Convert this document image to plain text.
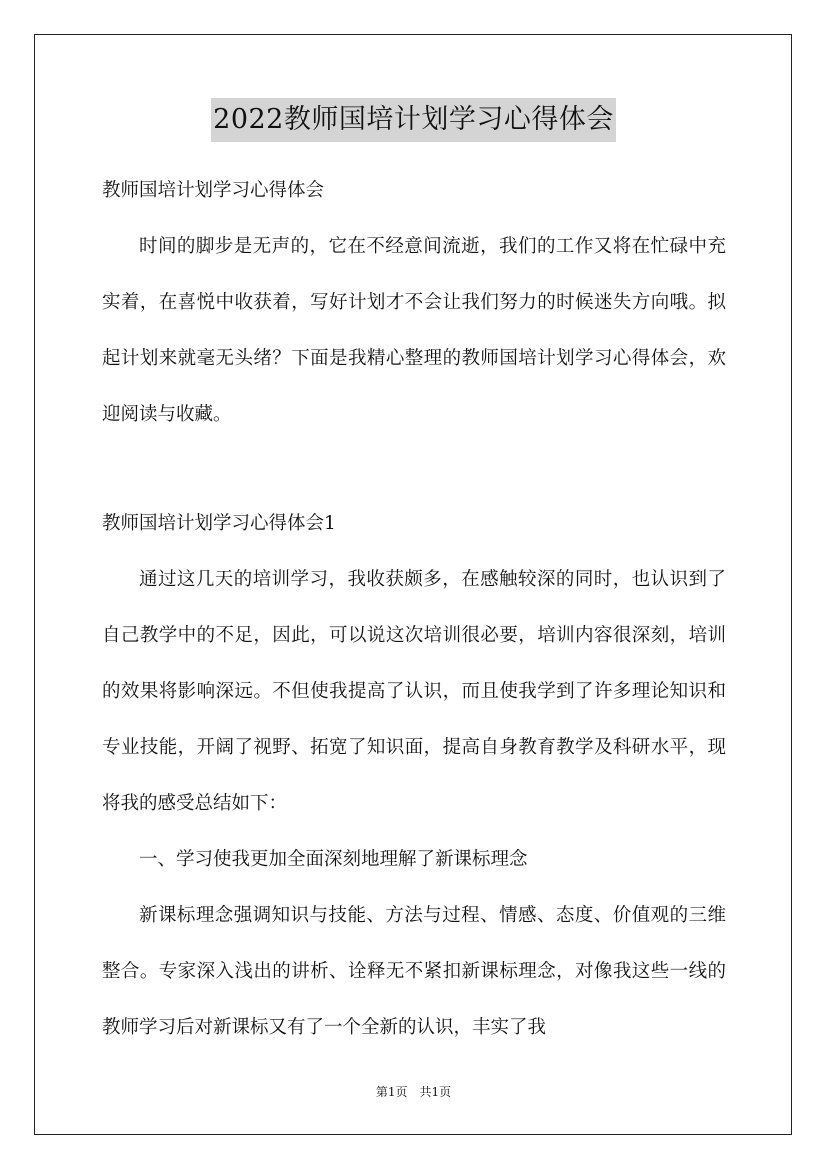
2022教师国培计划学习心得体会

教师国培计划学习心得体会

时间的脚步是无声的，它在不经意间流逝，我们的工作又将在忙碌中充实着，在喜悦中收获着，写好计划才不会让我们努力的时候迷失方向哦。拟起计划来就毫无头绪？下面是我精心整理的教师国培计划学习心得体会，欢迎阅读与收藏。

教师国培计划学习心得体会1

通过这几天的培训学习，我收获颇多，在感触较深的同时，也认识到了自己教学中的不足，因此，可以说这次培训很必要，培训内容很深刻，培训的效果将影响深远。不但使我提高了认识，而且使我学到了许多理论知识和专业技能，开阔了视野、拓宽了知识面，提高自身教育教学及科研水平，现将我的感受总结如下：

一、学习使我更加全面深刻地理解了新课标理念

新课标理念强调知识与技能、方法与过程、情感、态度、价值观的三维整合。专家深入浅出的讲析、诠释无不紧扣新课标理念，对像我这些一线的教师学习后对新课标又有了一个全新的认识，丰实了我

第1页 共1页
